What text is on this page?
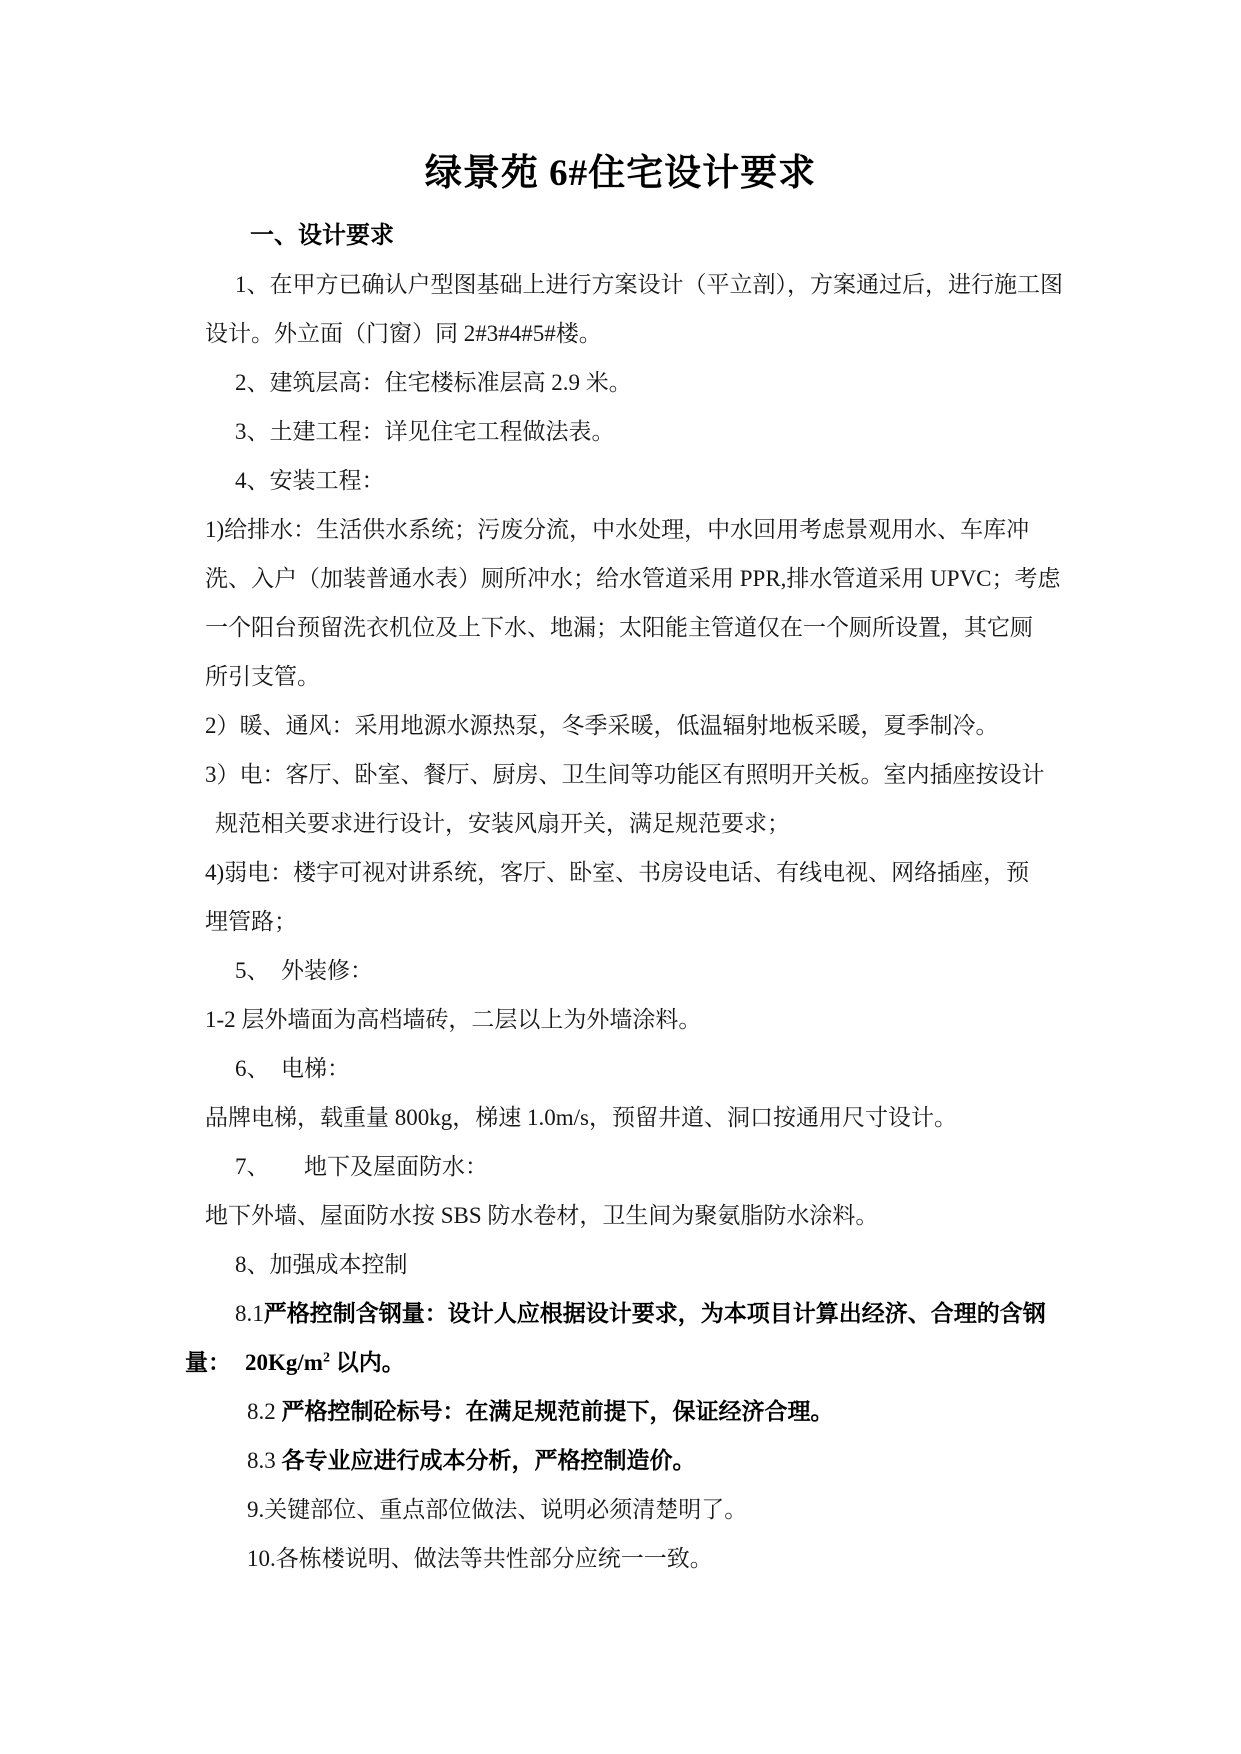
绿景苑 6#住宅设计要求
一、设计要求
1、在甲方已确认户型图基础上进行方案设计（平立剖），方案通过后，进行施工图
设计。外立面（门窗）同 2#3#4#5#楼。
2、建筑层高：住宅楼标准层高 2.9 米。
3、土建工程：详见住宅工程做法表。
4、安装工程：
1)给排水：生活供水系统；污废分流，中水处理，中水回用考虑景观用水、车库冲
洗、入户（加装普通水表）厕所冲水；给水管道采用 PPR,排水管道采用 UPVC；考虑
一个阳台预留洗衣机位及上下水、地漏；太阳能主管道仅在一个厕所设置，其它厕
所引支管。
2）暖、通风：采用地源水源热泵，冬季采暖，低温辐射地板采暖，夏季制冷。
3）电：客厅、卧室、餐厅、厨房、卫生间等功能区有照明开关板。室内插座按设计
规范相关要求进行设计，安装风扇开关，满足规范要求；
4)弱电：楼宇可视对讲系统，客厅、卧室、书房设电话、有线电视、网络插座，预
埋管路；
5、　外装修：
1-2 层外墙面为高档墙砖，二层以上为外墙涂料。
6、　电梯：
品牌电梯，载重量 800kg，梯速 1.0m/s，预留井道、洞口按通用尺寸设计。
7、　　地下及屋面防水：
地下外墙、屋面防水按 SBS 防水卷材，卫生间为聚氨脂防水涂料。
8、加强成本控制
8.1严格控制含钢量：设计人应根据设计要求，为本项目计算出经济、合理的含钢
量： $20Kg/m^2$ 以内。
8.2 严格控制砼标号：在满足规范前提下，保证经济合理。
8.3 各专业应进行成本分析，严格控制造价。
9.关键部位、重点部位做法、说明必须清楚明了。
10.各栋楼说明、做法等共性部分应统一一致。
